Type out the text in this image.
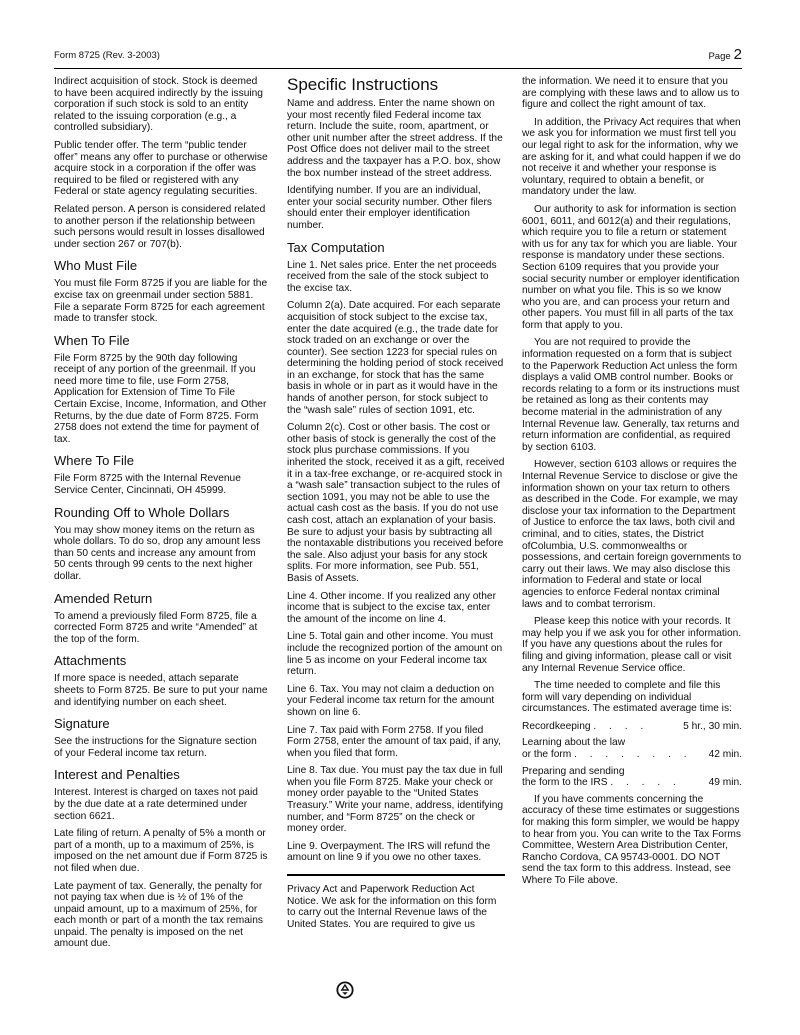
Form 8725 (Rev. 3-2003)	Page 2

Indirect acquisition of stock. Stock is deemed to have been acquired indirectly by the issuing corporation if such stock is sold to an entity related to the issuing corporation (e.g., a controlled subsidiary).

Public tender offer. The term “public tender offer” means any offer to purchase or otherwise acquire stock in a corporation if the offer was required to be filed or registered with any Federal or state agency regulating securities.

Related person. A person is considered related to another person if the relationship between such persons would result in losses disallowed under section 267 or 707(b).

Who Must File

You must file Form 8725 if you are liable for the excise tax on greenmail under section 5881. File a separate Form 8725 for each agreement made to transfer stock.

When To File

File Form 8725 by the 90th day following receipt of any portion of the greenmail. If you need more time to file, use Form 2758, Application for Extension of Time To File Certain Excise, Income, Information, and Other Returns, by the due date of Form 8725. Form 2758 does not extend the time for payment of tax.

Where To File

File Form 8725 with the Internal Revenue Service Center, Cincinnati, OH 45999.

Rounding Off to Whole Dollars

You may show money items on the return as whole dollars. To do so, drop any amount less than 50 cents and increase any amount from 50 cents through 99 cents to the next higher dollar.

Amended Return

To amend a previously filed Form 8725, file a corrected Form 8725 and write “Amended” at the top of the form.

Attachments

If more space is needed, attach separate sheets to Form 8725. Be sure to put your name and identifying number on each sheet.

Signature

See the instructions for the Signature section of your Federal income tax return.

Interest and Penalties

Interest. Interest is charged on taxes not paid by the due date at a rate determined under section 6621.

Late filing of return. A penalty of 5% a month or part of a month, up to a maximum of 25%, is imposed on the net amount due if Form 8725 is not filed when due.

Late payment of tax. Generally, the penalty for not paying tax when due is ½ of 1% of the unpaid amount, up to a maximum of 25%, for each month or part of a month the tax remains unpaid. The penalty is imposed on the net amount due.

Specific Instructions

Name and address. Enter the name shown on your most recently filed Federal income tax return. Include the suite, room, apartment, or other unit number after the street address. If the Post Office does not deliver mail to the street address and the taxpayer has a P.O. box, show the box number instead of the street address.

Identifying number. If you are an individual, enter your social security number. Other filers should enter their employer identification number.

Tax Computation

Line 1. Net sales price. Enter the net proceeds received from the sale of the stock subject to the excise tax.

Column 2(a). Date acquired. For each separate acquisition of stock subject to the excise tax, enter the date acquired (e.g., the trade date for stock traded on an exchange or over the counter). See section 1223 for special rules on determining the holding period of stock received in an exchange, for stock that has the same basis in whole or in part as it would have in the hands of another person, for stock subject to the “wash sale” rules of section 1091, etc.

Column 2(c). Cost or other basis. The cost or other basis of stock is generally the cost of the stock plus purchase commissions. If you inherited the stock, received it as a gift, received it in a tax-free exchange, or re-acquired stock in a “wash sale” transaction subject to the rules of section 1091, you may not be able to use the actual cash cost as the basis. If you do not use cash cost, attach an explanation of your basis. Be sure to adjust your basis by subtracting all the nontaxable distributions you received before the sale. Also adjust your basis for any stock splits. For more information, see Pub. 551, Basis of Assets.

Line 4. Other income. If you realized any other income that is subject to the excise tax, enter the amount of the income on line 4.

Line 5. Total gain and other income. You must include the recognized portion of the amount on line 5 as income on your Federal income tax return.

Line 6. Tax. You may not claim a deduction on your Federal income tax return for the amount shown on line 6.

Line 7. Tax paid with Form 2758. If you filed Form 2758, enter the amount of tax paid, if any, when you filed that form.

Line 8. Tax due. You must pay the tax due in full when you file Form 8725. Make your check or money order payable to the “United States Treasury.” Write your name, address, identifying number, and “Form 8725” on the check or money order.

Line 9. Overpayment. The IRS will refund the amount on line 9 if you owe no other taxes.

Privacy Act and Paperwork Reduction Act Notice. We ask for the information on this form to carry out the Internal Revenue laws of the United States. You are required to give us

the information. We need it to ensure that you are complying with these laws and to allow us to figure and collect the right amount of tax.

In addition, the Privacy Act requires that when we ask you for information we must first tell you our legal right to ask for the information, why we are asking for it, and what could happen if we do not receive it and whether your response is voluntary, required to obtain a benefit, or mandatory under the law.

Our authority to ask for information is section 6001, 6011, and 6012(a) and their regulations, which require you to file a return or statement with us for any tax for which you are liable. Your response is mandatory under these sections. Section 6109 requires that you provide your social security number or employer identification number on what you file. This is so we know who you are, and can process your return and other papers. You must fill in all parts of the tax form that apply to you.

You are not required to provide the information requested on a form that is subject to the Paperwork Reduction Act unless the form displays a valid OMB control number. Books or records relating to a form or its instructions must be retained as long as their contents may become material in the administration of any Internal Revenue law. Generally, tax returns and return information are confidential, as required by section 6103.

However, section 6103 allows or requires the Internal Revenue Service to disclose or give the information shown on your tax return to others as described in the Code. For example, we may disclose your tax information to the Department of Justice to enforce the tax laws, both civil and criminal, and to cities, states, the District ofColumbia, U.S. commonwealths or possessions, and certain foreign governments to carry out their laws. We may also disclose this information to Federal and state or local agencies to enforce Federal nontax criminal laws and to combat terrorism.

Please keep this notice with your records. It may help you if we ask you for other information. If you have any questions about the rules for filing and giving information, please call or visit any Internal Revenue Service office.

The time needed to complete and file this form will vary depending on individual circumstances. The estimated average time is:

Recordkeeping . . . .	5 hr., 30 min.
Learning about the law
or the form . . . . . . . .	42 min.
Preparing and sending
the form to the IRS . . . . .	49 min.

If you have comments concerning the accuracy of these time estimates or suggestions for making this form simpler, we would be happy to hear from you. You can write to the Tax Forms Committee, Western Area Distribution Center, Rancho Cordova, CA 95743-0001. DO NOT send the tax form to this address. Instead, see Where To File above.
